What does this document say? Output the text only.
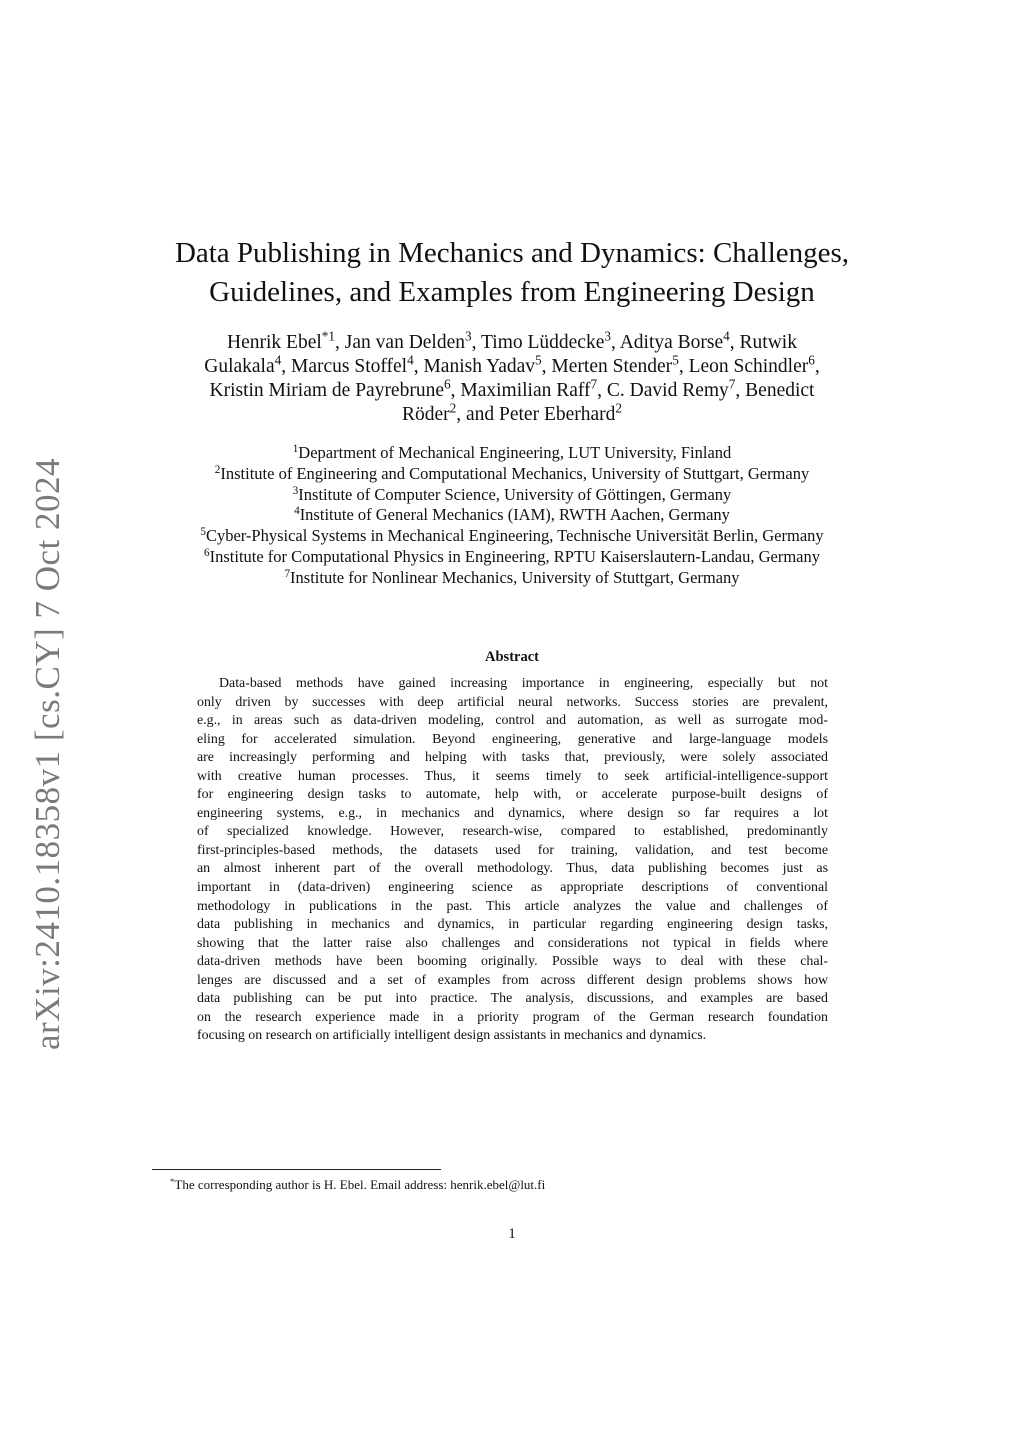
arXiv:2410.18358v1 [cs.CY] 7 Oct 2024
Data Publishing in Mechanics and Dynamics: Challenges,
Guidelines, and Examples from Engineering Design
Henrik Ebel$^{*1}$, Jan van Delden$^3$, Timo Lüddecke$^3$, Aditya Borse$^4$, Rutwik
Gulakala$^4$, Marcus Stoffel$^4$, Manish Yadav$^5$, Merten Stender$^5$, Leon Schindler$^6$,
Kristin Miriam de Payrebrune$^6$, Maximilian Raff$^7$, C. David Remy$^7$, Benedict
Röder$^2$, and Peter Eberhard$^2$
$^1$Department of Mechanical Engineering, LUT University, Finland
$^2$Institute of Engineering and Computational Mechanics, University of Stuttgart, Germany
$^3$Institute of Computer Science, University of Göttingen, Germany
$^4$Institute of General Mechanics (IAM), RWTH Aachen, Germany
$^5$Cyber-Physical Systems in Mechanical Engineering, Technische Universität Berlin, Germany
$^6$Institute for Computational Physics in Engineering, RPTU Kaiserslautern-Landau, Germany
$^7$Institute for Nonlinear Mechanics, University of Stuttgart, Germany
Abstract
Data-based methods have gained increasing importance in engineering, especially but not
only driven by successes with deep artificial neural networks. Success stories are prevalent,
e.g., in areas such as data-driven modeling, control and automation, as well as surrogate mod-
eling for accelerated simulation. Beyond engineering, generative and large-language models
are increasingly performing and helping with tasks that, previously, were solely associated
with creative human processes. Thus, it seems timely to seek artificial-intelligence-support
for engineering design tasks to automate, help with, or accelerate purpose-built designs of
engineering systems, e.g., in mechanics and dynamics, where design so far requires a lot
of specialized knowledge. However, research-wise, compared to established, predominantly
first-principles-based methods, the datasets used for training, validation, and test become
an almost inherent part of the overall methodology. Thus, data publishing becomes just as
important in (data-driven) engineering science as appropriate descriptions of conventional
methodology in publications in the past. This article analyzes the value and challenges of
data publishing in mechanics and dynamics, in particular regarding engineering design tasks,
showing that the latter raise also challenges and considerations not typical in fields where
data-driven methods have been booming originally. Possible ways to deal with these chal-
lenges are discussed and a set of examples from across different design problems shows how
data publishing can be put into practice. The analysis, discussions, and examples are based
on the research experience made in a priority program of the German research foundation
focusing on research on artificially intelligent design assistants in mechanics and dynamics.
*The corresponding author is H. Ebel. Email address: henrik.ebel@lut.fi
1
